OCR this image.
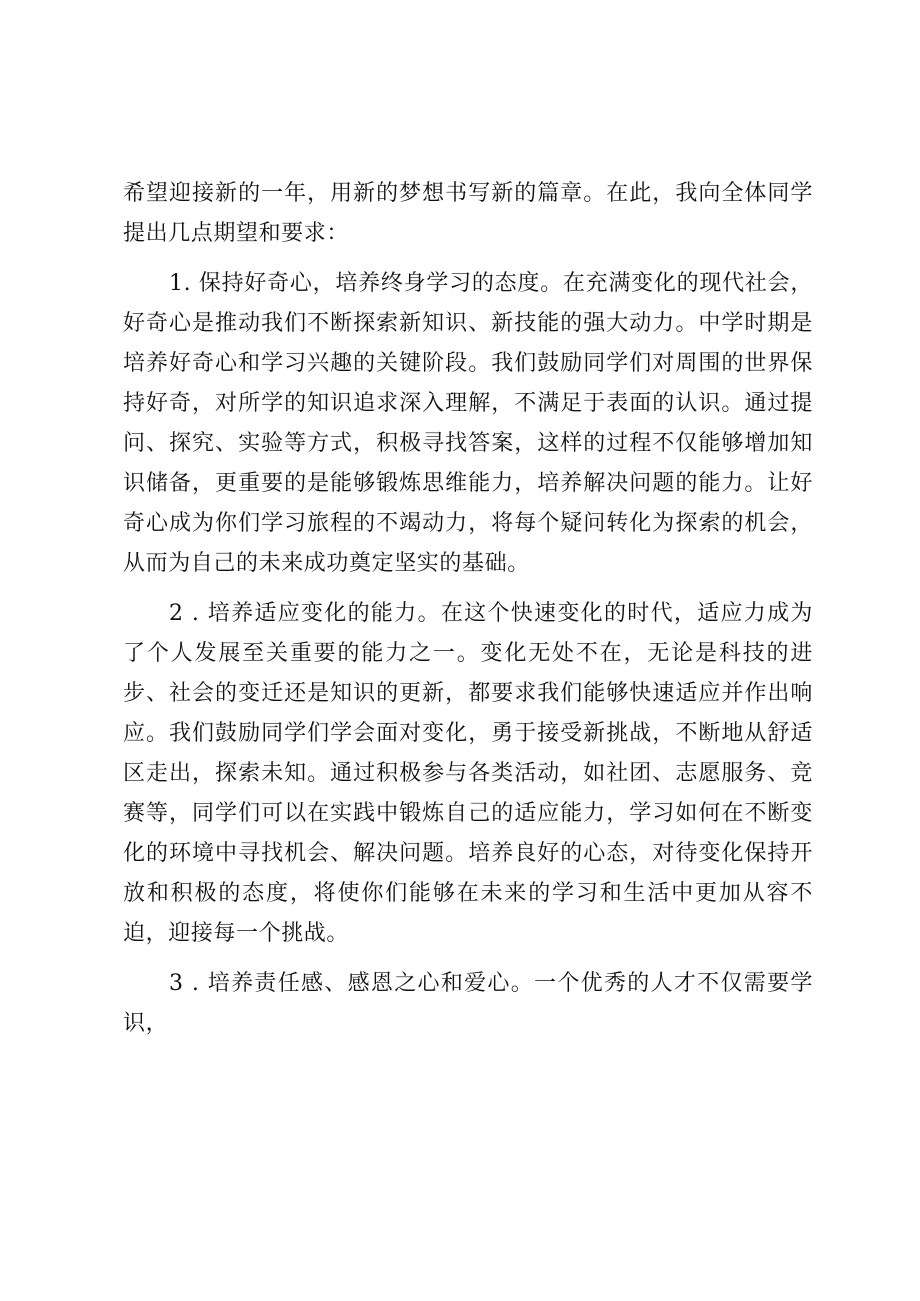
希望迎接新的一年，用新的梦想书写新的篇章。在此，我向全体同学提出几点期望和要求：

1. 保持好奇心，培养终身学习的态度。在充满变化的现代社会，好奇心是推动我们不断探索新知识、新技能的强大动力。中学时期是培养好奇心和学习兴趣的关键阶段。我们鼓励同学们对周围的世界保持好奇，对所学的知识追求深入理解，不满足于表面的认识。通过提问、探究、实验等方式，积极寻找答案，这样的过程不仅能够增加知识储备，更重要的是能够锻炼思维能力，培养解决问题的能力。让好奇心成为你们学习旅程的不竭动力，将每个疑问转化为探索的机会，从而为自己的未来成功奠定坚实的基础。

2 . 培养适应变化的能力。在这个快速变化的时代，适应力成为了个人发展至关重要的能力之一。变化无处不在，无论是科技的进步、社会的变迁还是知识的更新，都要求我们能够快速适应并作出响应。我们鼓励同学们学会面对变化，勇于接受新挑战，不断地从舒适区走出，探索未知。通过积极参与各类活动，如社团、志愿服务、竞赛等，同学们可以在实践中锻炼自己的适应能力，学习如何在不断变化的环境中寻找机会、解决问题。培养良好的心态，对待变化保持开放和积极的态度，将使你们能够在未来的学习和生活中更加从容不迫，迎接每一个挑战。

3 . 培养责任感、感恩之心和爱心。一个优秀的人才不仅需要学识，
